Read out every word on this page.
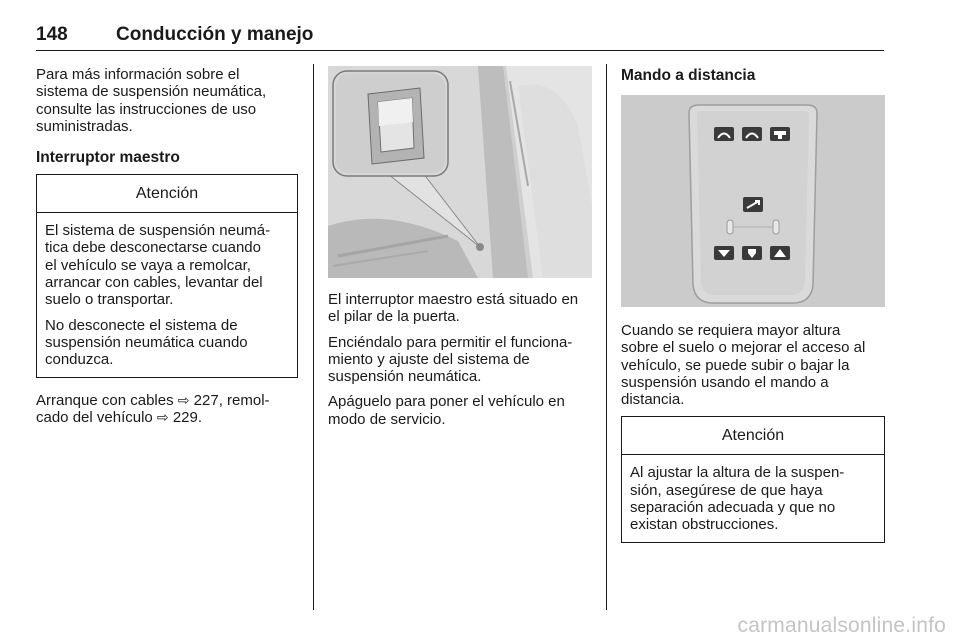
148	Conducción y manejo

Para más información sobre el
sistema de suspensión neumática,
consulte las instrucciones de uso
suministradas.

Interruptor maestro
Atención

El sistema de suspensión neumá-
tica debe desconectarse cuando
el vehículo se vaya a remolcar,
arrancar con cables, levantar del
suelo o transportar.

No desconecte el sistema de
suspensión neumática cuando
conduzca.

Arranque con cables ⇨ 227, remol-
cado del vehículo ⇨ 229.

El interruptor maestro está situado en
el pilar de la puerta.

Enciéndalo para permitir el funciona-
miento y ajuste del sistema de
suspensión neumática.

Apáguelo para poner el vehículo en
modo de servicio.

Mando a distancia

Cuando se requiera mayor altura
sobre el suelo o mejorar el acceso al
vehículo, se puede subir o bajar la
suspensión usando el mando a
distancia.

Atención

Al ajustar la altura de la suspen-
sión, asegúrese de que haya
separación adecuada y que no
existan obstrucciones.

carmanualsonline.info
